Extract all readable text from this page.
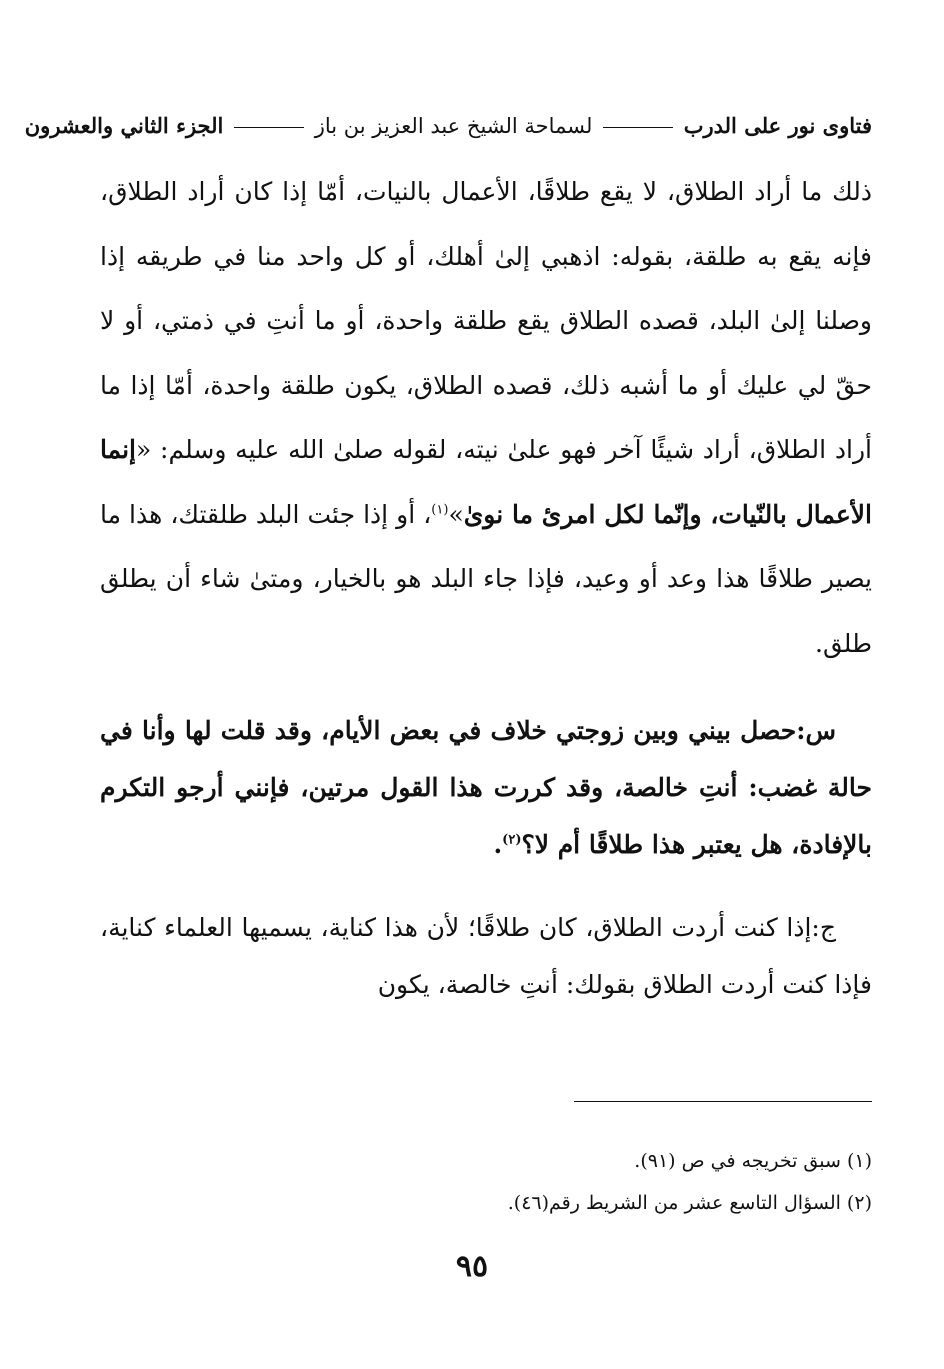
فتاوى نور على الدرب  لسماحة الشيخ عبد العزيز بن باز  الجزء الثاني والعشرون

ذلك ما أراد الطلاق، لا يقع طلاقًا، الأعمال بالنيات، أمّا إذا كان أراد الطلاق، فإنه يقع به طلقة، بقوله: اذهبي إلىٰ أهلك، أو كل واحد منا في طريقه إذا وصلنا إلىٰ البلد، قصده الطلاق يقع طلقة واحدة، أو ما أنتِ في ذمتي، أو لا حقّ لي عليك أو ما أشبه ذلك، قصده الطلاق، يكون طلقة واحدة، أمّا إذا ما أراد الطلاق، أراد شيئًا آخر فهو علىٰ نيته، لقوله صلىٰ الله عليه وسلم: «إنما الأعمال بالنّيات، وإنّما لكل امرئ ما نوىٰ»$^{(١)}$، أو إذا جئت البلد طلقتك، هذا ما يصير طلاقًا هذا وعد أو وعيد، فإذا جاء البلد هو بالخيار، ومتىٰ شاء أن يطلق طلق.

س:حصل بيني وبين زوجتي خلاف في بعض الأيام، وقد قلت لها وأنا في حالة غضب: أنتِ خالصة، وقد كررت هذا القول مرتين، فإنني أرجو التكرم بالإفادة، هل يعتبر هذا طلاقًا أم لا؟$^{(٢)}$.

ج:إذا كنت أردت الطلاق، كان طلاقًا؛ لأن هذا كناية، يسميها العلماء كناية، فإذا كنت أردت الطلاق بقولك: أنتِ خالصة، يكون

(١) سبق تخريجه في ص (٩١).

(٢) السؤال التاسع عشر من الشريط رقم(٤٦).

٩٥
